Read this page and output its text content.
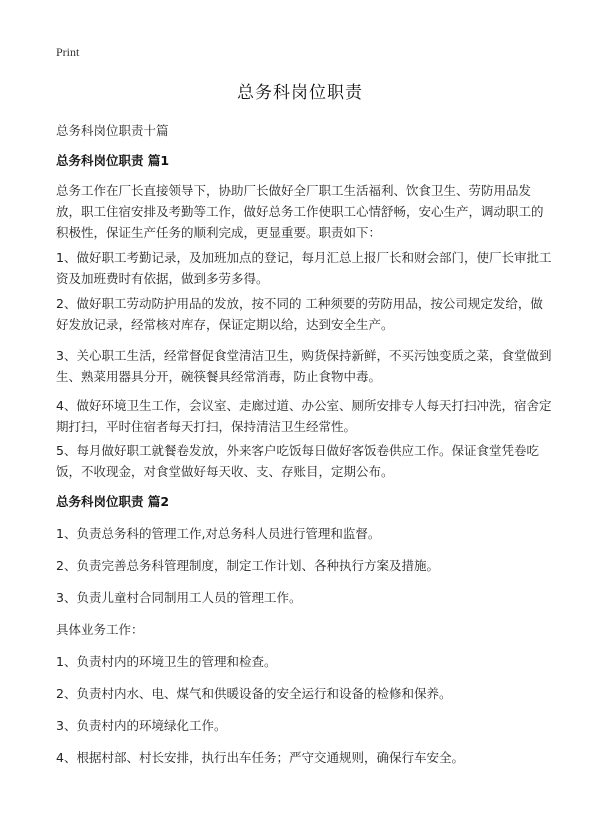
Print
总务科岗位职责
总务科岗位职责十篇
总务科岗位职责 篇1
总务工作在厂长直接领导下，协助厂长做好全厂职工生活福利、饮食卫生、劳防用品发放，职工住宿安排及考勤等工作，做好总务工作使职工心情舒畅，安心生产，调动职工的积极性，保证生产任务的顺利完成，更显重要。职责如下：
1、做好职工考勤记录，及加班加点的登记，每月汇总上报厂长和财会部门，使厂长审批工资及加班费时有依据，做到多劳多得。
2、做好职工劳动防护用品的发放，按不同的 工种须要的劳防用品，按公司规定发给，做好发放记录，经常核对库存，保证定期以给，达到安全生产。
3、关心职工生活，经常督促食堂清洁卫生，购货保持新鲜，不买污蚀变质之菜，食堂做到生、熟菜用器具分开，碗筷餐具经常消毒，防止食物中毒。
4、做好环境卫生工作，会议室、走廊过道、办公室、厕所安排专人每天打扫冲洗，宿舍定期打扫，平时住宿者每天打扫，保持清洁卫生经常性。
5、每月做好职工就餐卷发放，外来客户吃饭每日做好客饭卷供应工作。保证食堂凭卷吃饭，不收现金，对食堂做好每天收、支、存账目，定期公布。
总务科岗位职责 篇2
1、负责总务科的管理工作,对总务科人员进行管理和监督。
2、负责完善总务科管理制度，制定工作计划、各种执行方案及措施。
3、负责儿童村合同制用工人员的管理工作。
具体业务工作：
1、负责村内的环境卫生的管理和检查。
2、负责村内水、电、煤气和供暖设备的安全运行和设备的检修和保养。
3、负责村内的环境绿化工作。
4、根据村部、村长安排，执行出车任务；严守交通规则，确保行车安全。
